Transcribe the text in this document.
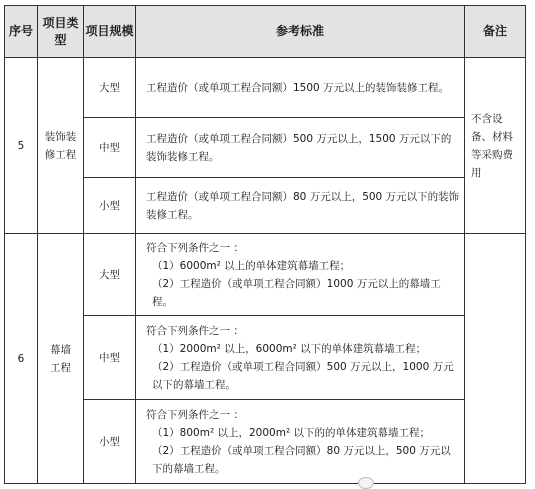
序号	项目类型	项目规模	参考标准	备注
5	装饰装修工程	大型	工程造价（或单项工程合同额）1500 万元以上的装饰装修工程。	不含设备、材料等采购费用
		中型	工程造价（或单项工程合同额）500 万元以上，1500 万元以下的装饰装修工程。	

		小型	工程造价（或单项工程合同额）80 万元以上，500 万元以下的装饰装修工程。	

6	幕墙工程	大型	符合下列条件之一 ：
（1）6000m² 以上的单体建筑幕墙工程；
（2）工程造价（或单项工程合同额）1000 万元以上的幕墙工程。	

		中型	符合下列条件之一 ：
（1）2000m² 以上，6000m² 以下的单体建筑幕墙工程；
（2）工程造价（或单项工程合同额）500 万元以上，1000 万元以下的幕墙工程。	

		小型	符合下列条件之一 ：
（1）800m² 以上，2000m² 以下的的单体建筑幕墙工程；
（2）工程造价（或单项工程合同额）80 万元以上，500 万元以下的幕墙工程。	
